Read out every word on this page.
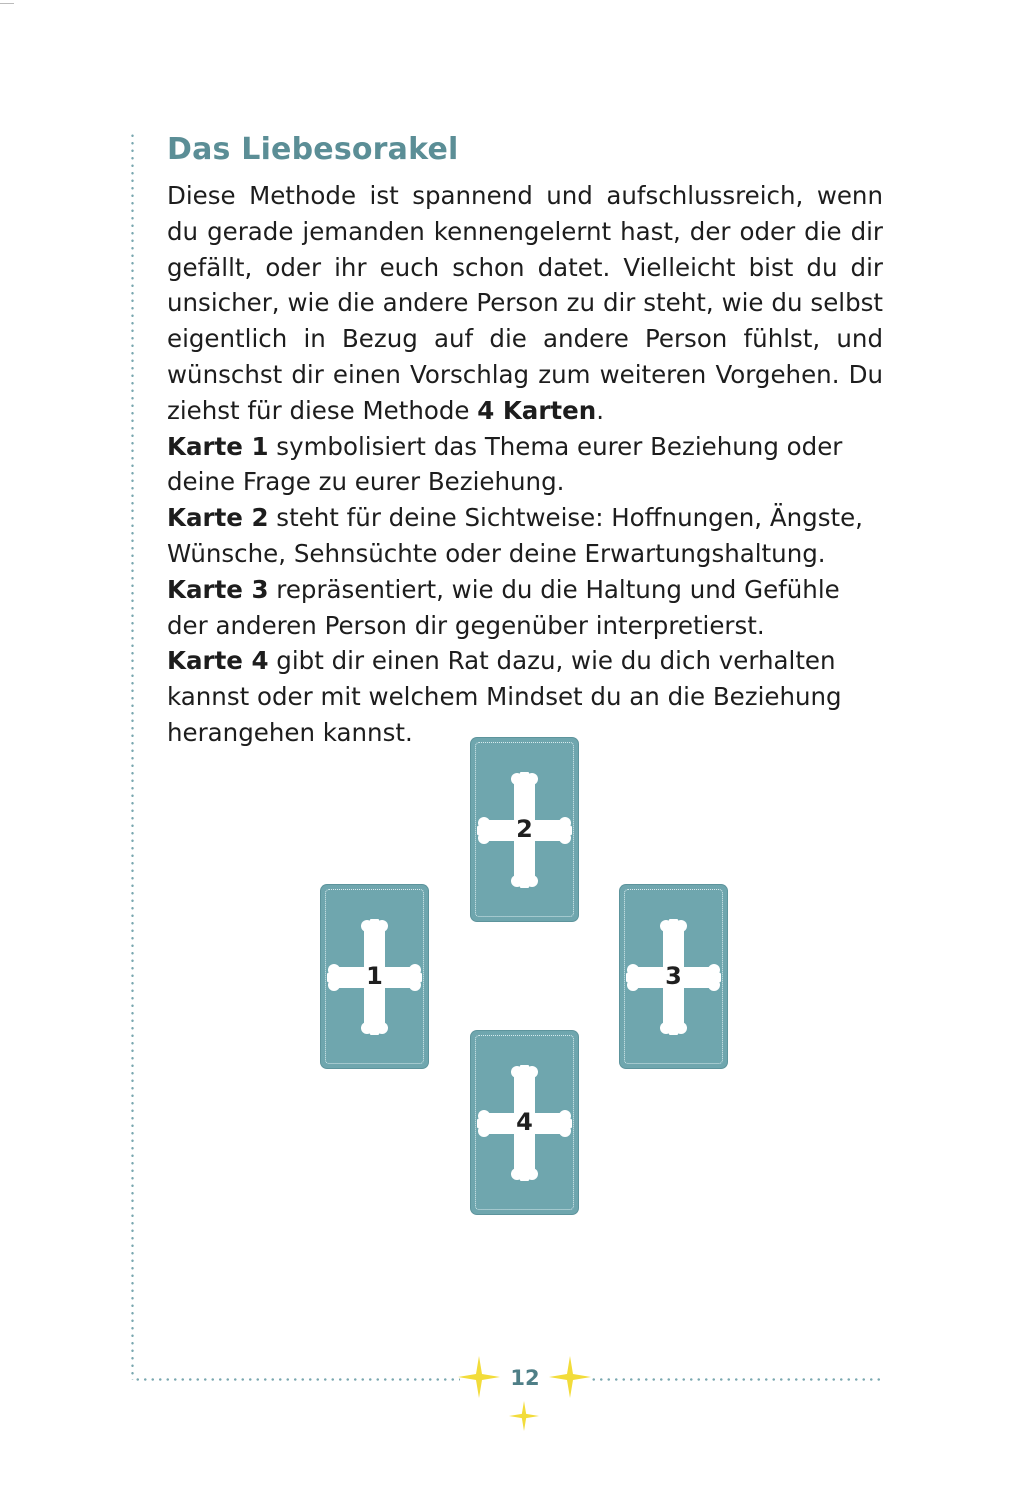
Das Liebesorakel

Diese Methode ist spannend und aufschlussreich, wenn du gerade jemanden kennengelernt hast, der oder die dir gefällt, oder ihr euch schon datet. Vielleicht bist du dir unsicher, wie die andere Person zu dir steht, wie du selbst eigentlich in Bezug auf die andere Person fühlst, und wünschst dir einen Vorschlag zum weiteren Vorgehen. Du ziehst für diese Methode 4 Karten.

Karte 1 symbolisiert das Thema eurer Beziehung oder deine Frage zu eurer Beziehung.

Karte 2 steht für deine Sichtweise: Hoffnungen, Ängste, Wünsche, Sehnsüchte oder deine Erwartungshaltung.

Karte 3 repräsentiert, wie du die Haltung und Gefühle der anderen Person dir gegenüber interpretierst.

Karte 4 gibt dir einen Rat dazu, wie du dich verhalten kannst oder mit welchem Mindset du an die Beziehung herangehen kannst.

1
2
3
4
12
